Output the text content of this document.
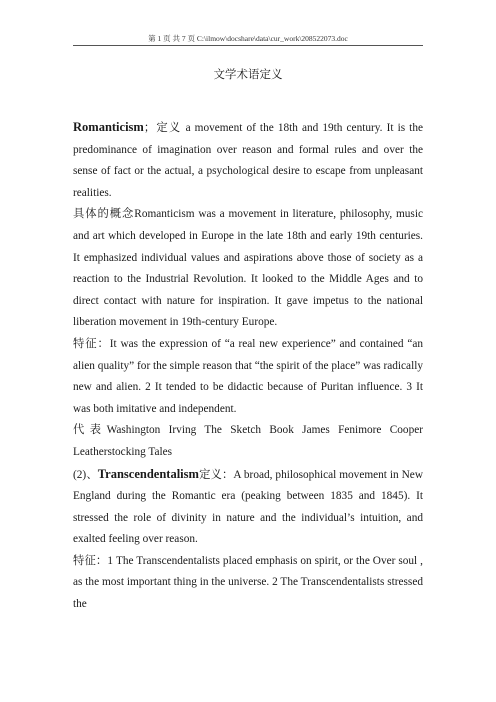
第 1 页 共 7 页 C:\ilmow\docshare\data\cur_work\208522073.doc
文学术语定义

Romanticism；定义 a movement of the 18th and 19th century. It is the predominance of imagination over reason and formal rules and over the sense of fact or the actual, a psychological desire to escape from unpleasant realities.

具体的概念Romanticism was a movement in literature, philosophy, music and art which developed in Europe in the late 18th and early 19th centuries. It emphasized individual values and aspirations above those of society as a reaction to the Industrial Revolution. It looked to the Middle Ages and to direct contact with nature for inspiration. It gave impetus to the national liberation movement in 19th-century Europe.

特征：It was the expression of “a real new experience” and contained “an alien quality” for the simple reason that “the spirit of the place” was radically new and alien. 2 It tended to be didactic because of Puritan influence. 3 It was both imitative and independent.

代表Washington Irving The Sketch Book James Fenimore Cooper Leatherstocking Tales

(2)、Transcendentalism定义：A broad, philosophical movement in New England during the Romantic era (peaking between 1835 and 1845). It stressed the role of divinity in nature and the individual’s intuition, and exalted feeling over reason.

特征：1 The Transcendentalists placed emphasis on spirit, or the Over soul , as the most important thing in the universe. 2 The Transcendentalists stressed the
